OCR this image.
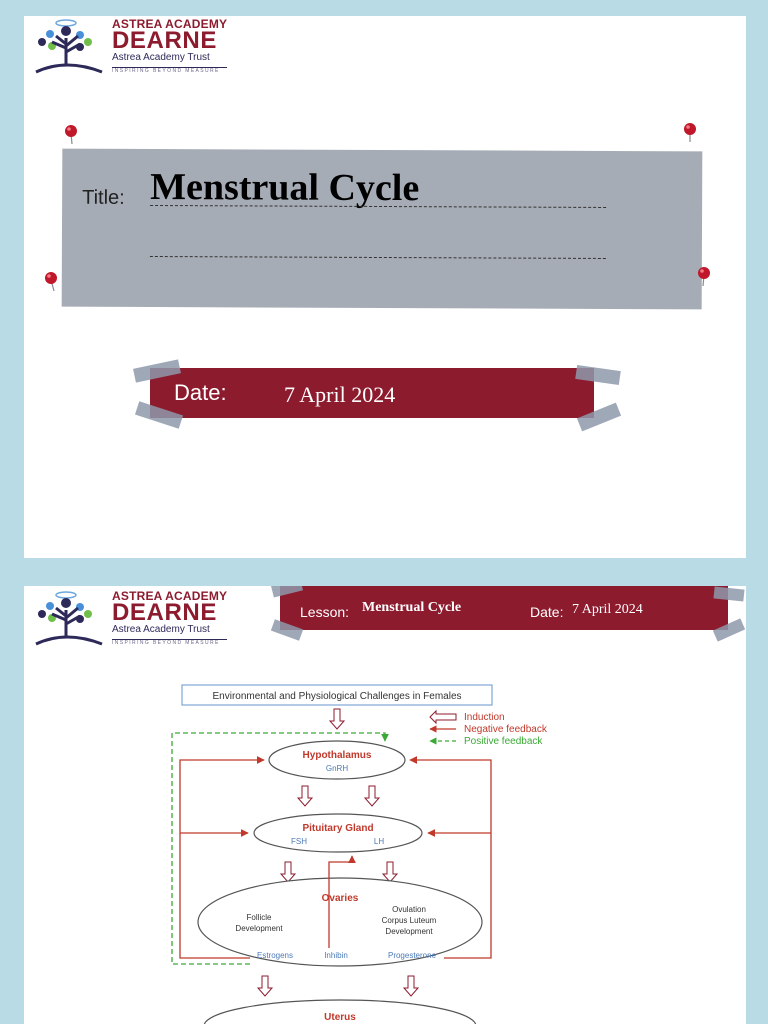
ASTREA ACADEMY
DEARNE
Astrea Academy Trust
INSPIRING BEYOND MEASURE
Title: Menstrual Cycle
Date:	7 April 2024
ASTREA ACADEMY
DEARNE
Astrea Academy Trust
INSPIRING BEYOND MEASURE
Lesson: Menstrual Cycle	Date: 7 April 2024
Environmental and Physiological Challenges in Females
Induction
Negative feedback
Positive feedback
Hypothalamus
GnRH
Pituitary Gland
FSH	LH
Ovaries
Follicle
Development
Ovulation
Corpus Luteum
Development
Estrogens	Inhibin	Progesterone
Uterus
